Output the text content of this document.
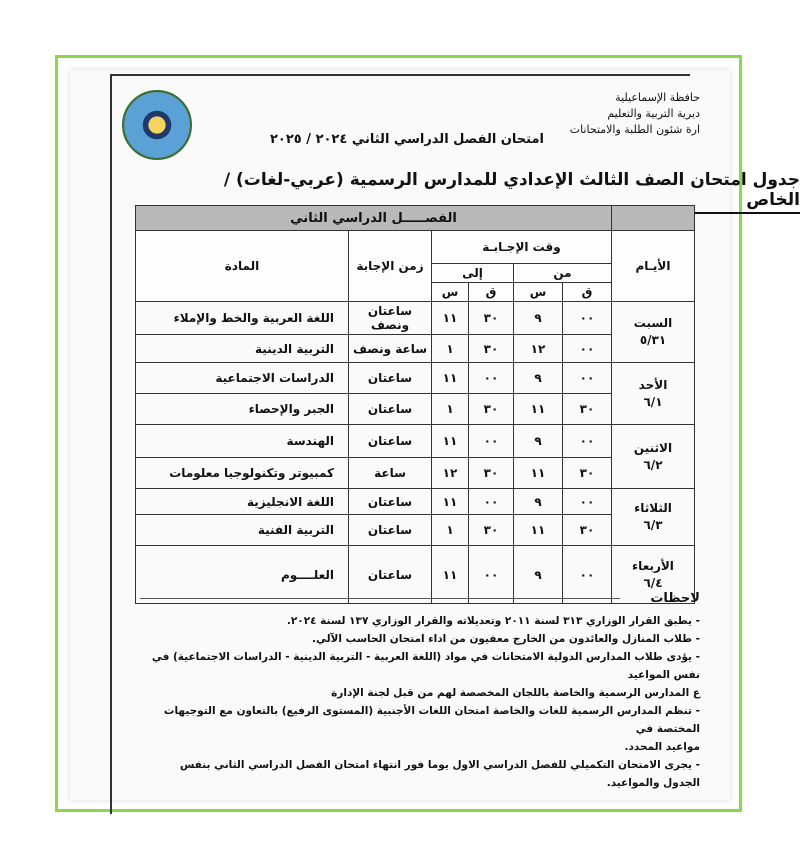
حافظة الإسماعيلية
ديرية التربية والتعليم
ارة شئون الطلبة والامتحانات
امتحان الفصل الدراسي الثاني ٢٠٢٤ / ٢٠٢٥
جدول امتحان الصف الثالث الإعدادي للمدارس الرسمية (عربي-لغات) / الخاص
	الفصـــــل الدراسي الثاني					
الأيـام	وقت الإجـابـة				زمن الإجابة	المادة
	من		إلى			
	ق	س	ق	س		

السبت
٥/٣١	٠٠	٩	٣٠	١١	ساعتان ونصف	اللغة العربية والخط والإملاء
	٠٠	١٢	٣٠	١	ساعة ونصف	التربية الدينية

الأحد
٦/١	٠٠	٩	٠٠	١١	ساعتان	الدراسات الاجتماعية
	٣٠	١١	٣٠	١	ساعتان	الجبر والإحصاء

الاثنين
٦/٢	٠٠	٩	٠٠	١١	ساعتان	الهندسة
	٣٠	١١	٣٠	١٢	ساعة	كمبيوتر وتكنولوجيا معلومات

الثلاثاء
٦/٣	٠٠	٩	٠٠	١١	ساعتان	اللغة الانجليزية
	٣٠	١١	٣٠	١	ساعتان	التربية الفنية

الأربعاء
٦/٤	٠٠	٩	٠٠	١١	ساعتان	العلــــوم
لاحظات
- يطبق القرار الوزاري ٣١٣ لسنة ٢٠١١ وتعديلاته والقرار الوزاري ١٣٧ لسنة ٢٠٢٤.
- طلاب المنازل والعائدون من الخارج معفيون من اداء امتحان الحاسب الآلي.
- يؤدى طلاب المدارس الدولية الامتحانات في مواد (اللغة العربية - التربية الدينية - الدراسات الاجتماعية) في نفس المواعيد
ع المدارس الرسمية والخاصة باللجان المخصصة لهم من قبل لجنة الإدارة
- تنظم المدارس الرسمية للغات والخاصة امتحان اللغات الأجنبية (المستوى الرفيع) بالتعاون مع التوجيهات المختصة في
مواعيد المحدد.
- يجرى الامتحان التكميلي للفصل الدراسي الاول يوما فور انتهاء امتحان الفصل الدراسي الثاني بنفس الجدول والمواعيد.
